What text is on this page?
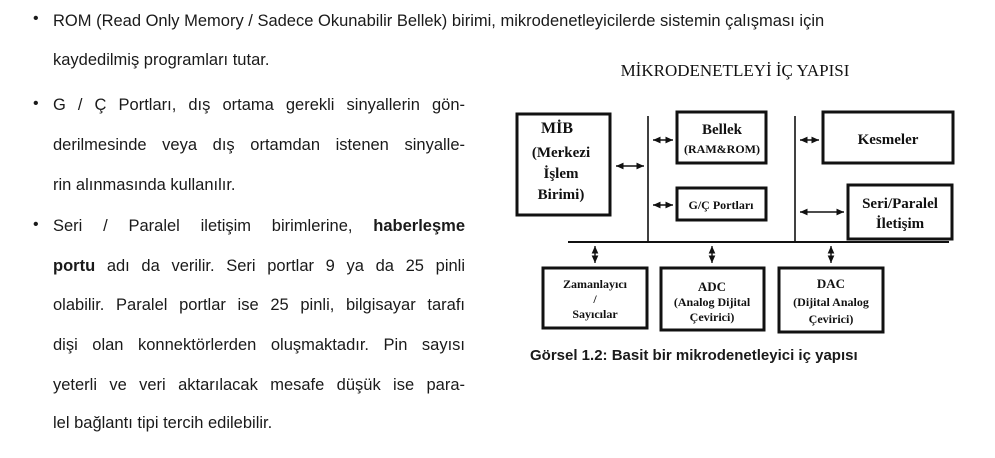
•
•
•
ROM (Read Only Memory / Sadece Okunabilir Bellek) birimi, mikrodenetleyicilerde sistemin çalışması için
kaydedilmiş programları tutar.
G / Ç Portları, dış ortama gerekli sinyallerin gön-
derilmesinde veya dış ortamdan istenen sinyalle-
rin alınmasında kullanılır.
Seri / Paralel iletişim birimlerine, haberleşme
portu adı da verilir. Seri portlar 9 ya da 25 pinli
olabilir. Paralel portlar ise 25 pinli, bilgisayar tarafı
dişi olan konnektörlerden oluşmaktadır. Pin sayısı
yeterli ve veri aktarılacak mesafe düşük ise para-
lel bağlantı tipi tercih edilebilir.
MİKRODENETLEYİ İÇ YAPISI
MİB
(Merkezi
İşlem
Birimi)
Bellek
(RAM&ROM)
G/Ç Portları
Kesmeler
Seri/Paralel
İletişim
Zamanlayıcı
/
Sayıcılar
ADC
(Analog Dijital
Çevirici)
DAC
(Dijital Analog
Çevirici)
Görsel 1.2: Basit bir mikrodenetleyici iç yapısı
